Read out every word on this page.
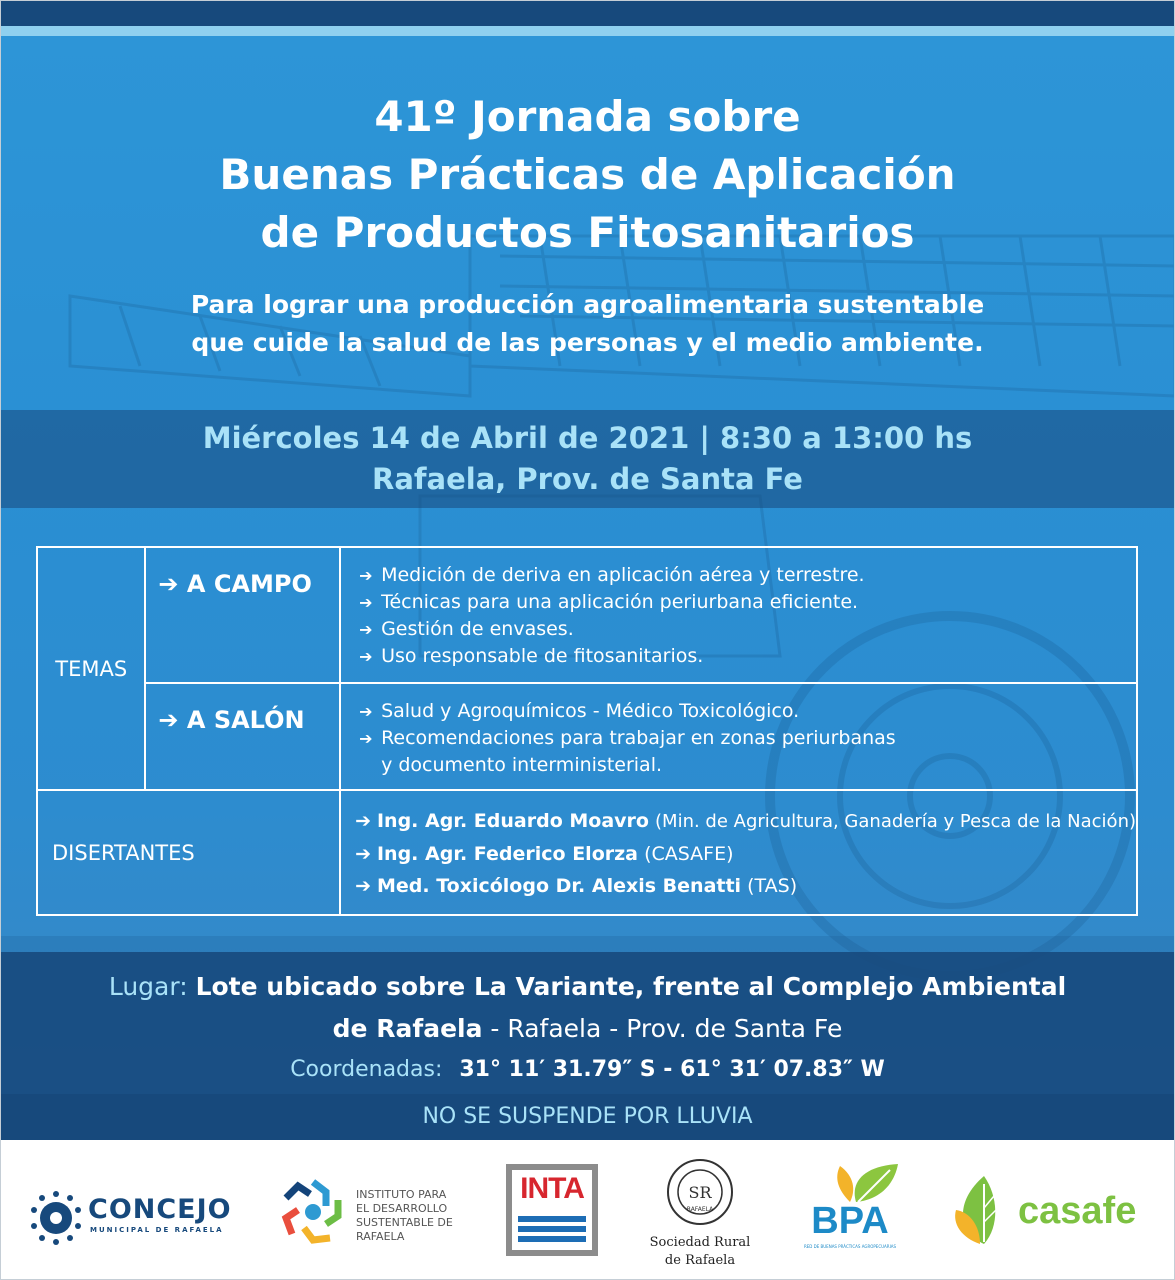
41º Jornada sobre
Buenas Prácticas de Aplicación
de Productos Fitosanitarios
Para lograr una producción agroalimentaria sustentable
que cuide la salud de las personas y el medio ambiente.
Miércoles 14 de Abril de 2021 | 8:30 a 13:00 hs
Rafaela, Prov. de Santa Fe
TEMAS	➔ A CAMPO	➔ Medición de deriva en aplicación aérea y terrestre.
➔ Técnicas para una aplicación periurbana eficiente.
➔ Gestión de envases.
➔ Uso responsable de fitosanitarios.

	➔ A SALÓN	➔ Salud y Agroquímicos - Médico Toxicológico.
➔ Recomendaciones para trabajar en zonas periurbanas
y documento interministerial.

DISERTANTES		➔ Ing. Agr. Eduardo Moavro (Min. de Agricultura, Ganadería y Pesca de la Nación)
➔ Ing. Agr. Federico Elorza (CASAFE)
➔ Med. Toxicólogo Dr. Alexis Benatti (TAS)
Lugar: Lote ubicado sobre La Variante, frente al Complejo Ambiental
de Rafaela - Rafaela - Prov. de Santa Fe
Coordenadas: 31° 11′ 31.79″ S - 61° 31′ 07.83″ W
NO SE SUSPENDE POR LLUVIA
CONCEJO
MUNICIPAL DE RAFAELA
INSTITUTO PARA
EL DESARROLLO
SUSTENTABLE DE
RAFAELA
INTA	SR
RAFAELA
Sociedad Rural
de Rafaela
BPA
RED DE BUENAS PRÁCTICAS AGROPECUARIAS
casafe
